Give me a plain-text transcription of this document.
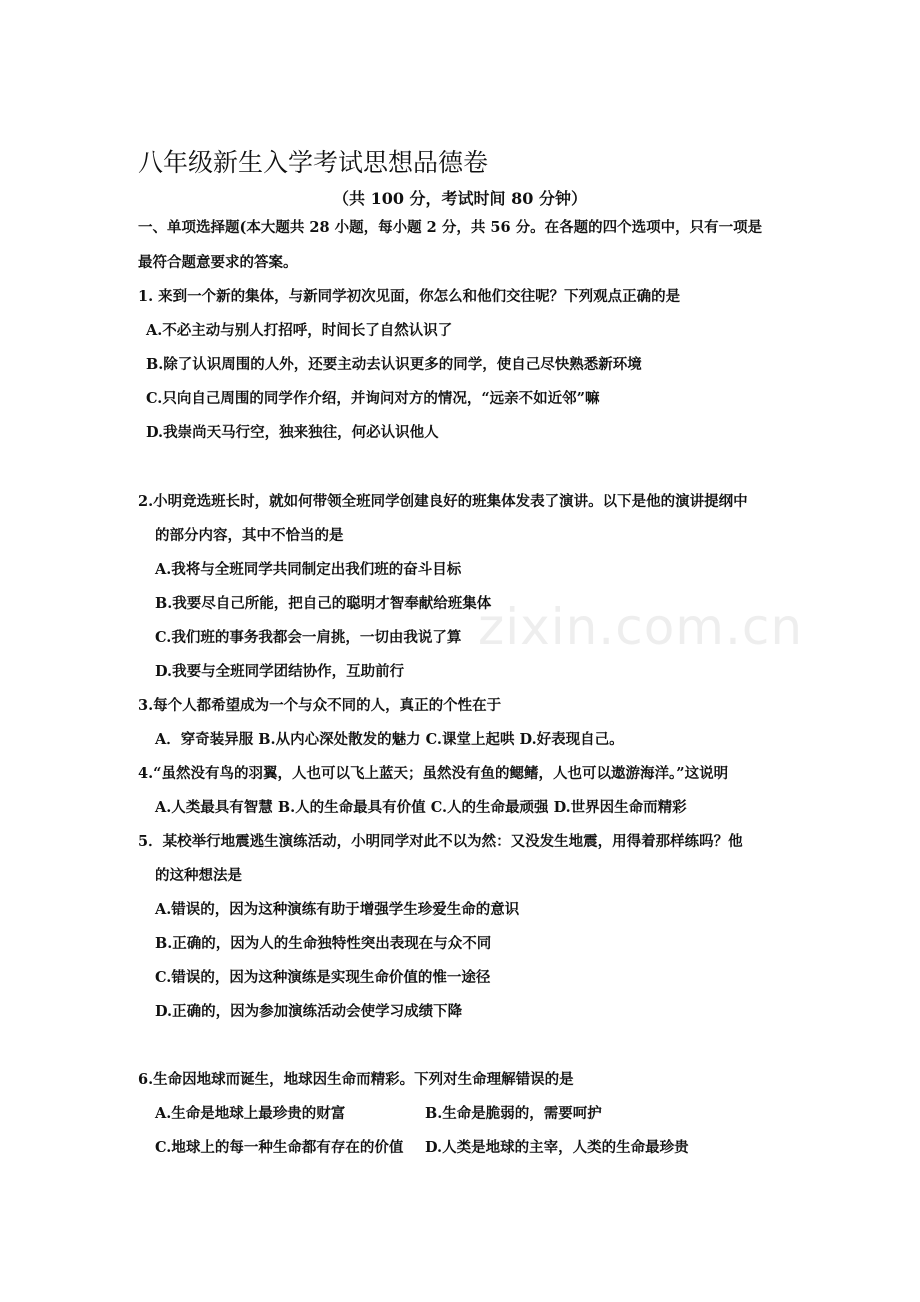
八年级新生入学考试思想品德卷
（共 100 分，考试时间 80 分钟）
一、单项选择题(本大题共 28 小题，每小题 2 分，共 56 分。在各题的四个选项中，只有一项是
最符合题意要求的答案。
1. 来到一个新的集体，与新同学初次见面，你怎么和他们交往呢？下列观点正确的是
A.不必主动与别人打招呼，时间长了自然认识了
B.除了认识周围的人外，还要主动去认识更多的同学，使自己尽快熟悉新环境
C.只向自己周围的同学作介绍，并询问对方的情况，“远亲不如近邻”嘛
D.我崇尚天马行空，独来独往，何必认识他人
2.小明竞选班长时，就如何带领全班同学创建良好的班集体发表了演讲。以下是他的演讲提纲中
的部分内容，其中不恰当的是
A.我将与全班同学共同制定出我们班的奋斗目标
B.我要尽自己所能，把自己的聪明才智奉献给班集体
C.我们班的事务我都会一肩挑，一切由我说了算
D.我要与全班同学团结协作，互助前行
3.每个人都希望成为一个与众不同的人，真正的个性在于
A．穿奇装异服 B.从内心深处散发的魅力 C.课堂上起哄 D.好表现自己。
4.“虽然没有鸟的羽翼，人也可以飞上蓝天；虽然没有鱼的鳃鳍，人也可以遨游海洋。”这说明
A.人类最具有智慧 B.人的生命最具有价值 C.人的生命最顽强 D.世界因生命而精彩
5．某校举行地震逃生演练活动，小明同学对此不以为然：又没发生地震，用得着那样练吗？他
的这种想法是
A.错误的，因为这种演练有助于增强学生珍爱生命的意识
B.正确的，因为人的生命独特性突出表现在与众不同
C.错误的，因为这种演练是实现生命价值的惟一途径
D.正确的，因为参加演练活动会使学习成绩下降
6.生命因地球而诞生，地球因生命而精彩。下列对生命理解错误的是
A.生命是地球上最珍贵的财富	B.生命是脆弱的，需要呵护
C.地球上的每一种生命都有存在的价值 D.人类是地球的主宰，人类的生命最珍贵
zixin.com.cn
